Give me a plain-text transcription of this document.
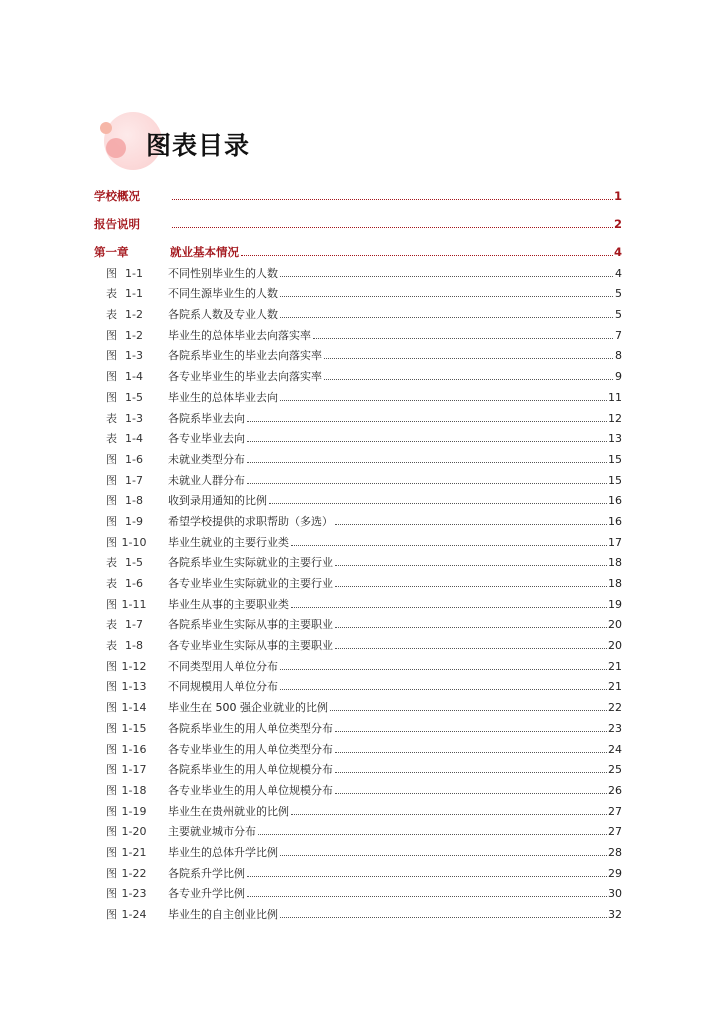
图表目录
学校概况	1
报告说明	2
第一章	就业基本情况	4
图 1-1	不同性别毕业生的人数	4
表 1-1	不同生源毕业生的人数	5
表 1-2	各院系人数及专业人数	5
图 1-2	毕业生的总体毕业去向落实率	7
图 1-3	各院系毕业生的毕业去向落实率	8
图 1-4	各专业毕业生的毕业去向落实率	9
图 1-5	毕业生的总体毕业去向	11
表 1-3	各院系毕业去向	12
表 1-4	各专业毕业去向	13
图 1-6	未就业类型分布	15
图 1-7	未就业人群分布	15
图 1-8	收到录用通知的比例	16
图 1-9	希望学校提供的求职帮助（多选）	16
图 1-10	毕业生就业的主要行业类	17
表 1-5	各院系毕业生实际就业的主要行业	18
表 1-6	各专业毕业生实际就业的主要行业	18
图 1-11	毕业生从事的主要职业类	19
表 1-7	各院系毕业生实际从事的主要职业	20
表 1-8	各专业毕业生实际从事的主要职业	20
图 1-12	不同类型用人单位分布	21
图 1-13	不同规模用人单位分布	21
图 1-14	毕业生在 500 强企业就业的比例	22
图 1-15	各院系毕业生的用人单位类型分布	23
图 1-16	各专业毕业生的用人单位类型分布	24
图 1-17	各院系毕业生的用人单位规模分布	25
图 1-18	各专业毕业生的用人单位规模分布	26
图 1-19	毕业生在贵州就业的比例	27
图 1-20	主要就业城市分布	27
图 1-21	毕业生的总体升学比例	28
图 1-22	各院系升学比例	29
图 1-23	各专业升学比例	30
图 1-24	毕业生的自主创业比例	32
